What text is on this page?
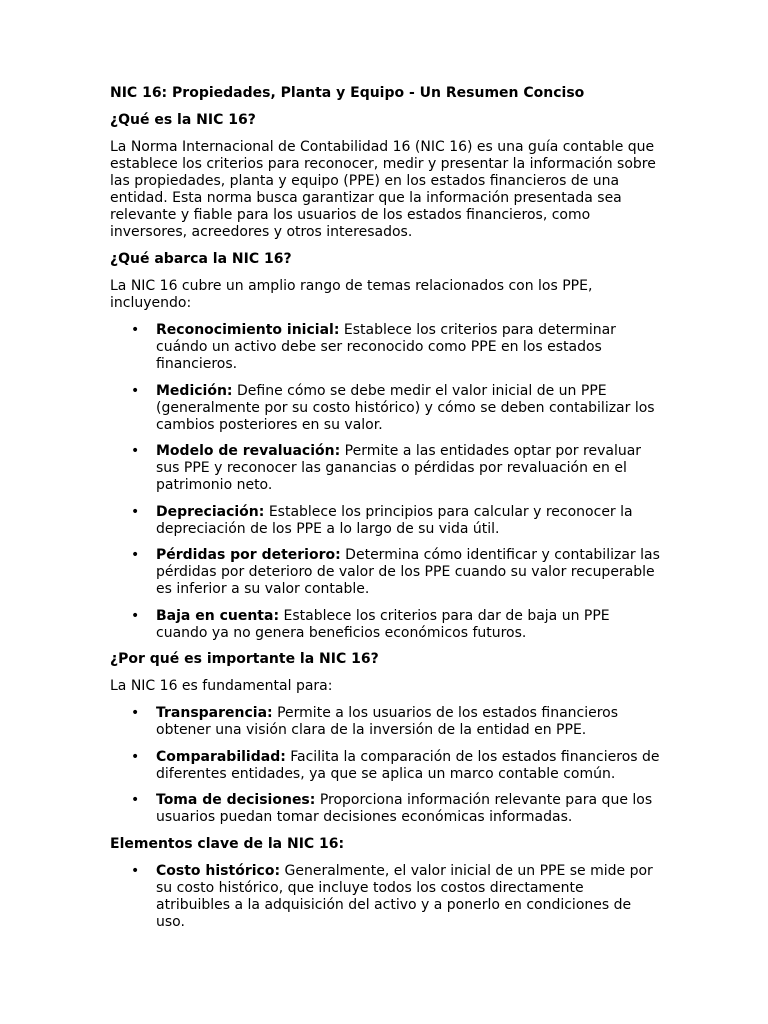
NIC 16: Propiedades, Planta y Equipo - Un Resumen Conciso

¿Qué es la NIC 16?

La Norma Internacional de Contabilidad 16 (NIC 16) es una guía contable que establece los criterios para reconocer, medir y presentar la información sobre las propiedades, planta y equipo (PPE) en los estados financieros de una entidad. Esta norma busca garantizar que la información presentada sea relevante y fiable para los usuarios de los estados financieros, como inversores, acreedores y otros interesados.

¿Qué abarca la NIC 16?

La NIC 16 cubre un amplio rango de temas relacionados con los PPE, incluyendo:

• Reconocimiento inicial: Establece los criterios para determinar cuándo un activo debe ser reconocido como PPE en los estados financieros.
• Medición: Define cómo se debe medir el valor inicial de un PPE (generalmente por su costo histórico) y cómo se deben contabilizar los cambios posteriores en su valor.
• Modelo de revaluación: Permite a las entidades optar por revaluar sus PPE y reconocer las ganancias o pérdidas por revaluación en el patrimonio neto.
• Depreciación: Establece los principios para calcular y reconocer la depreciación de los PPE a lo largo de su vida útil.
• Pérdidas por deterioro: Determina cómo identificar y contabilizar las pérdidas por deterioro de valor de los PPE cuando su valor recuperable es inferior a su valor contable.
• Baja en cuenta: Establece los criterios para dar de baja un PPE cuando ya no genera beneficios económicos futuros.

¿Por qué es importante la NIC 16?

La NIC 16 es fundamental para:

• Transparencia: Permite a los usuarios de los estados financieros obtener una visión clara de la inversión de la entidad en PPE.
• Comparabilidad: Facilita la comparación de los estados financieros de diferentes entidades, ya que se aplica un marco contable común.
• Toma de decisiones: Proporciona información relevante para que los usuarios puedan tomar decisiones económicas informadas.

Elementos clave de la NIC 16:

• Costo histórico: Generalmente, el valor inicial de un PPE se mide por su costo histórico, que incluye todos los costos directamente atribuibles a la adquisición del activo y a ponerlo en condiciones de uso.
